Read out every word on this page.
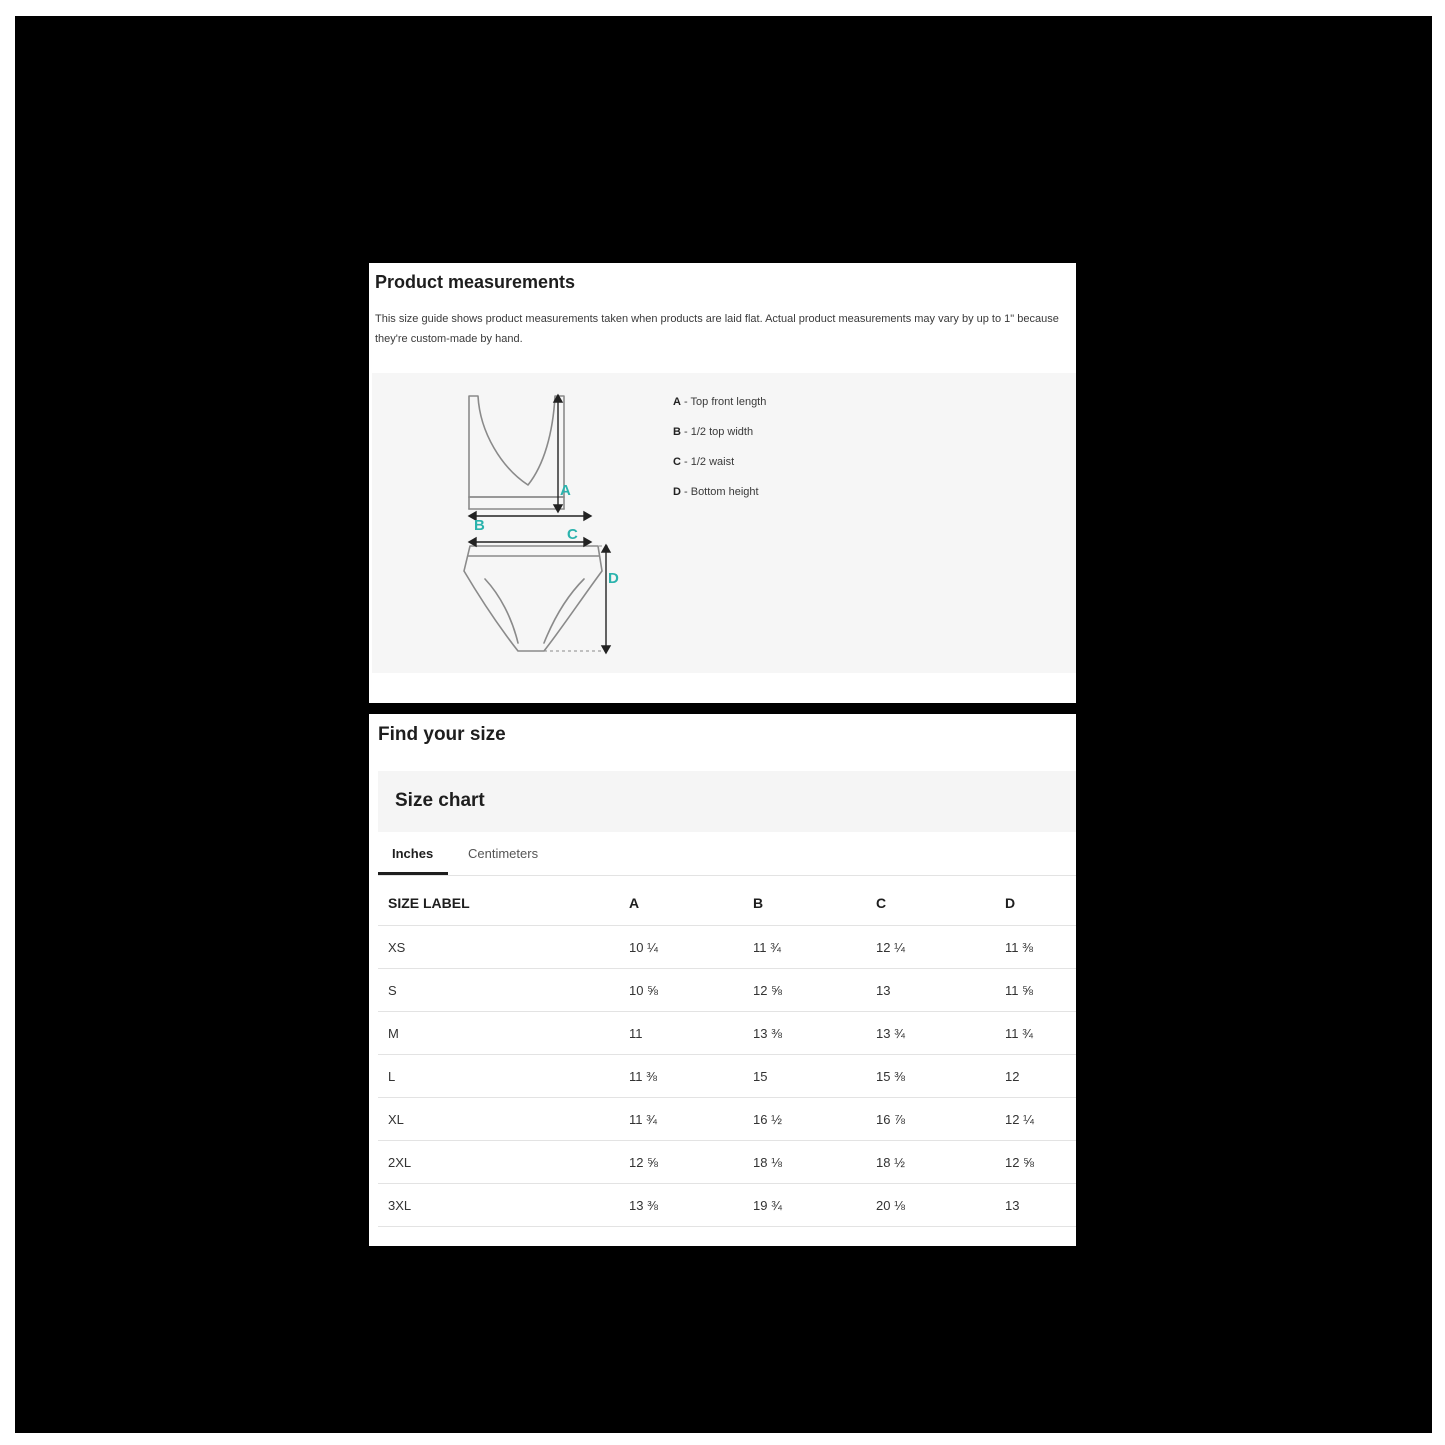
Product measurements
This size guide shows product measurements taken when products are laid flat. Actual product measurements may vary by up to 1" because they're custom-made by hand.
A
B
C
D
A - Top front length
B - 1/2 top width
C - 1/2 waist
D - Bottom height
Find your size
Size chart
Inches	Centimeters
SIZE LABEL	A	B	C	D
XS	10 ¼	11 ¾	12 ¼	11 ⅜
S	10 ⅝	12 ⅝	13	11 ⅝
M	11	13 ⅜	13 ¾	11 ¾
L	11 ⅜	15	15 ⅜	12
XL	11 ¾	16 ½	16 ⅞	12 ¼
2XL	12 ⅝	18 ⅛	18 ½	12 ⅝
3XL	13 ⅜	19 ¾	20 ⅛	13
